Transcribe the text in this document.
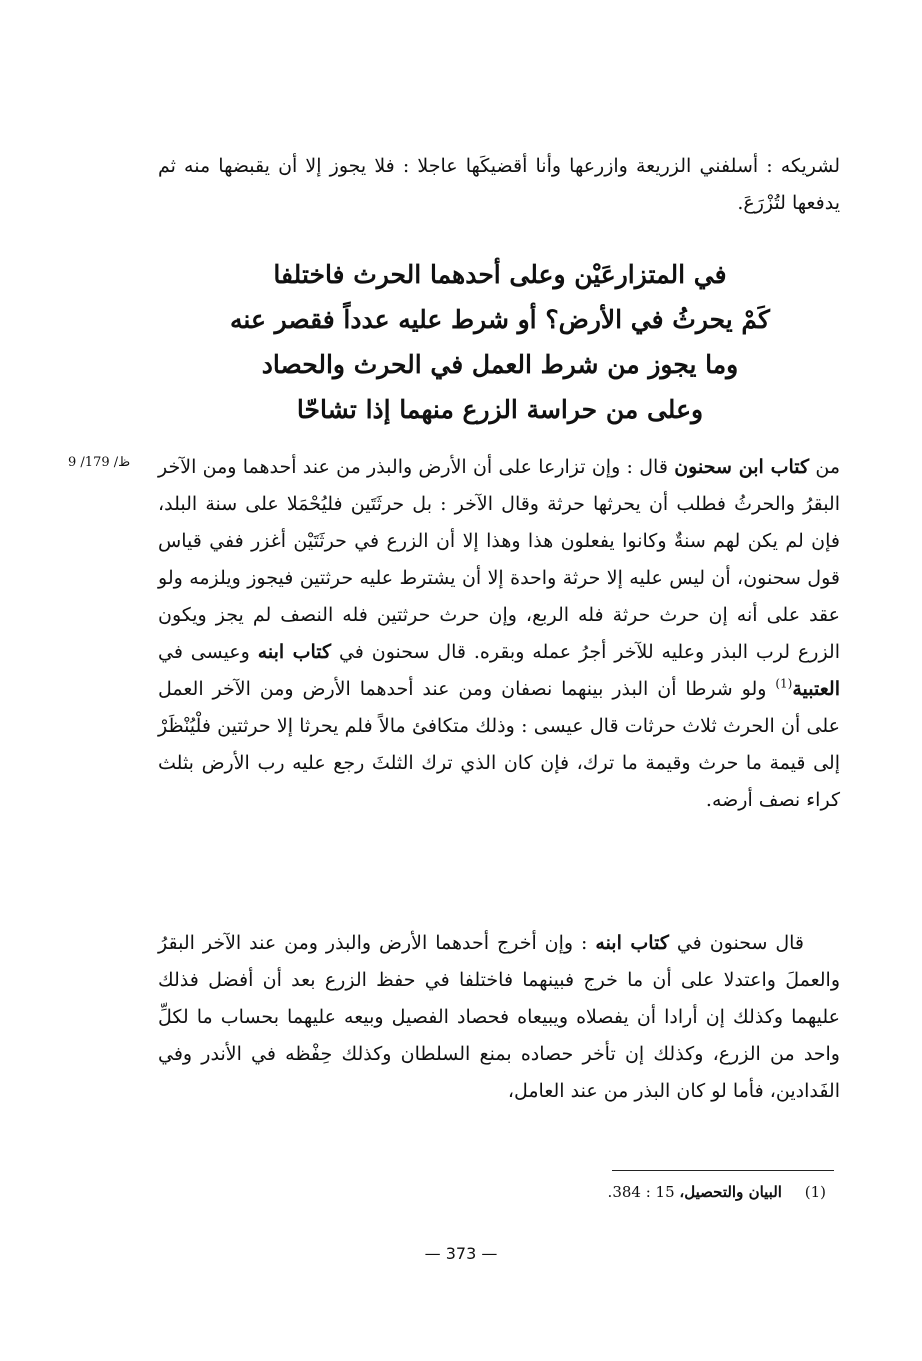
لشريكه : أسلفني الزريعة وازرعها وأنا أقضيكَها عاجلا : فلا يجوز إلا أن يقبضها منه ثم يدفعها لتُزْرَعَ.
في المتزارعَيْن وعلى أحدهما الحرث فاختلفا
كَمْ يحرثُ في الأرض؟ أو شرط عليه عدداً فقصر عنه
وما يجوز من شرط العمل في الحرث والحصاد
وعلى من حراسة الزرع منهما إذا تشاحّا
ظ/ 179/ 9	من كتاب ابن سحنون قال : وإن تزارعا على أن الأرض والبذر من عند أحدهما ومن الآخر البقرُ والحرثُ فطلب أن يحرثها حرثة وقال الآخر : بل حرثَتَين فليُحْمَلا على سنة البلد، فإن لم يكن لهم سنةٌ وكانوا يفعلون هذا وهذا إلا أن الزرع في حرثَتَيْن أغزر ففي قياس قول سحنون، أن ليس عليه إلا حرثة واحدة إلا أن يشترط عليه حرثتين فيجوز ويلزمه ولو عقد على أنه إن حرث حرثة فله الربع، وإن حرث حرثتين فله النصف لم يجز ويكون الزرع لرب البذر وعليه للآخر أجرُ عمله وبقره. قال سحنون في كتاب ابنه وعيسى في العتبية$^{(1)}$ ولو شرطا أن البذر بينهما نصفان ومن عند أحدهما الأرض ومن الآخر العمل على أن الحرث ثلاث حرثات قال عيسى : وذلك متكافئ مالاً فلم يحرثا إلا حرثتين فلْيُنْظَرْ إلى قيمة ما حرث وقيمة ما ترك، فإن كان الذي ترك الثلثَ رجع عليه رب الأرض بثلث كراء نصف أرضه.
قال سحنون في كتاب ابنه : وإن أخرج أحدهما الأرض والبذر ومن عند الآخر البقرُ والعملَ واعتدلا على أن ما خرج فبينهما فاختلفا في حفظ الزرع بعد أن أفضل فذلك عليهما وكذلك إن أرادا أن يفصلاه ويبيعاه فحصاد الفصيل وبيعه عليهما بحساب ما لكلِّ واحد من الزرع، وكذلك إن تأخر حصاده بمنع السلطان وكذلك حِفْظه في الأندر وفي الفَدادين، فأما لو كان البذر من عند العامل،
(1) البيان والتحصيل، 15 : 384.
— 373 —
